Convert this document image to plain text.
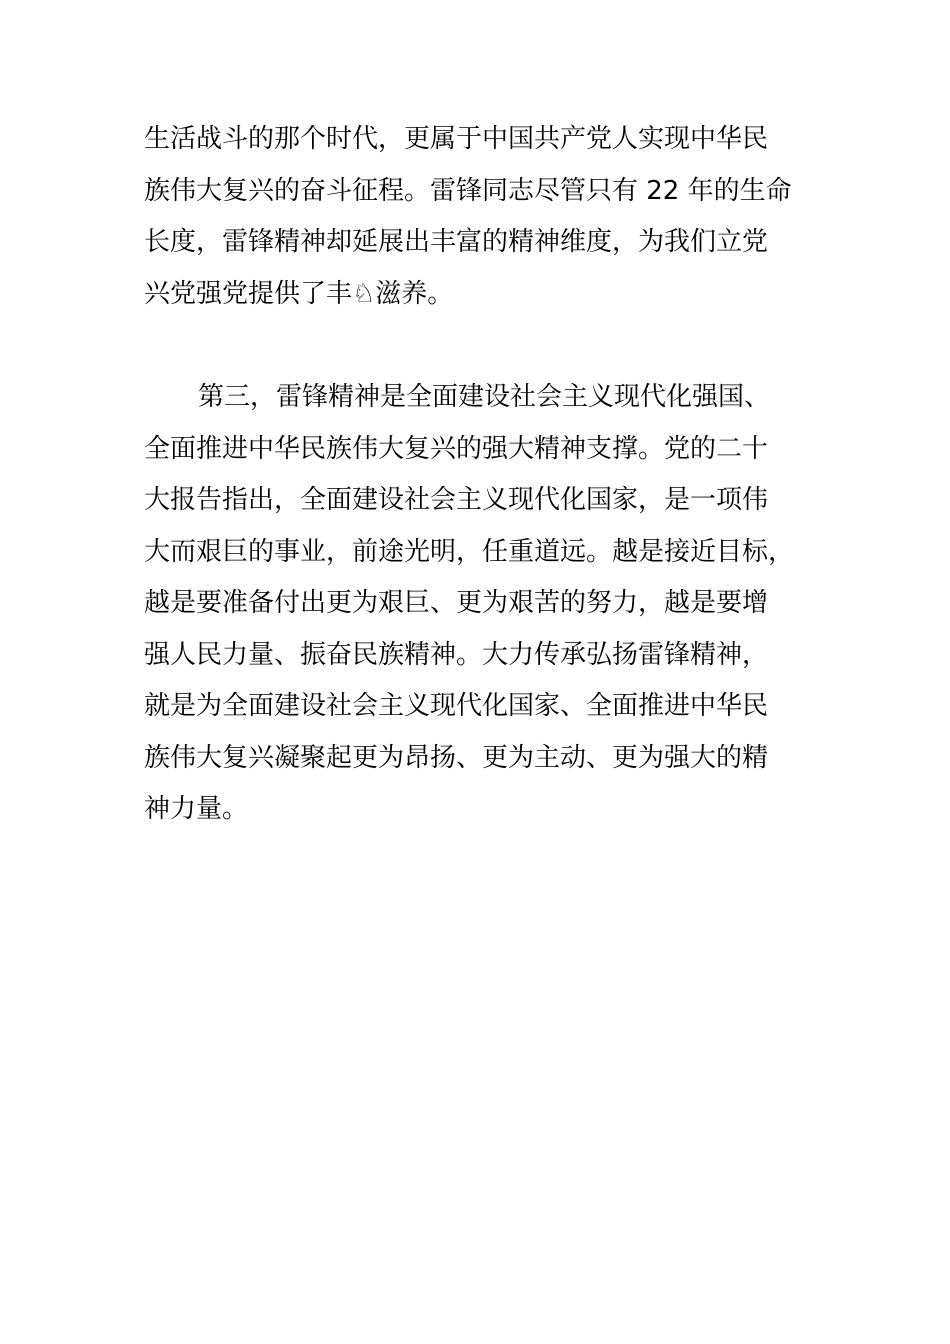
生活战斗的那个时代，更属于中国共产党人实现中华民
族伟大复兴的奋斗征程。雷锋同志尽管只有 22 年的生命
长度，雷锋精神却延展出丰富的精神维度，为我们立党
兴党强党提供了丰♘滋养。
第三，雷锋精神是全面建设社会主义现代化强国、
全面推进中华民族伟大复兴的强大精神支撑。党的二十
大报告指出，全面建设社会主义现代化国家，是一项伟
大而艰巨的事业，前途光明，任重道远。越是接近目标，
越是要准备付出更为艰巨、更为艰苦的努力，越是要增
强人民力量、振奋民族精神。大力传承弘扬雷锋精神，
就是为全面建设社会主义现代化国家、全面推进中华民
族伟大复兴凝聚起更为昂扬、更为主动、更为强大的精
神力量。
